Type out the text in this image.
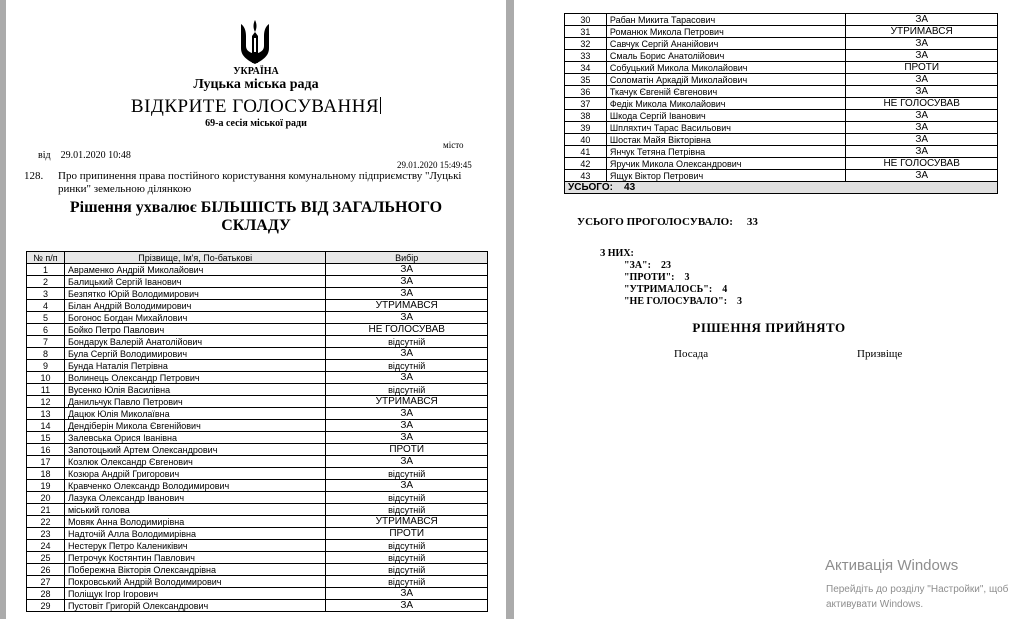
УКРАЇНА
Луцька міська рада
ВІДКРИТЕ ГОЛОСУВАННЯ
69-а сесія міської ради
місто
від 29.01.2020 10:48
29.01.2020 15:49:45
128. Про припинення права постійного користування комунальному підприємству "Луцькі ринки" земельною ділянкою
Рішення ухвалює БІЛЬШІСТЬ ВІД ЗАГАЛЬНОГО СКЛАДУ
№ п/п	Прізвище, Ім'я, По-батькові	Вибір
1	Авраменко Андрій Миколайович	ЗА
2	Балицький Сергій Іванович	ЗА
3	Безпятко Юрій Володимирович	ЗА
4	Білан Андрій Володимирович	УТРИМАВСЯ
5	Богонос Богдан Михайлович	ЗА
6	Бойко Петро Павлович	НЕ ГОЛОСУВАВ
7	Бондарук Валерій Анатолійович	відсутній
8	Була Сергій Володимирович	ЗА
9	Бунда Наталія Петрівна	відсутній
10	Волинець Олександр Петрович	ЗА
11	Вусенко Юлія Василівна	відсутній
12	Данильчук Павло Петрович	УТРИМАВСЯ
13	Дацюк Юлія Миколаївна	ЗА
14	Дендіберін Микола Євгенійович	ЗА
15	Залевська Орися Іванівна	ЗА
16	Запотоцький Артем Олександрович	ПРОТИ
17	Козлюк Олександр Євгенович	ЗА
18	Козюра Андрій Григорович	відсутній
19	Кравченко Олександр Володимирович	ЗА
20	Лазука Олександр Іванович	відсутній
21	міський голова	відсутній
22	Мовяк Анна Володимирівна	УТРИМАВСЯ
23	Надточій Алла Володимирівна	ПРОТИ
24	Нестерук Петро Калениківич	відсутній
25	Петрочук Костянтин Павлович	відсутній
26	Побережна Вікторія Олександрівна	відсутній
27	Покровський Андрій Володимирович	відсутній
28	Поліщук Ігор Ігорович	ЗА
29	Пустовіт Григорій Олександрович	ЗА
30	Рабан Микита Тарасович	ЗА
31	Романюк Микола Петрович	УТРИМАВСЯ
32	Савчук Сергій Ананійович	ЗА
33	Смаль Борис Анатолійович	ЗА
34	Собуцький Микола Миколайович	ПРОТИ
35	Соломатін Аркадій Миколайович	ЗА
36	Ткачук Євгеній Євгенович	ЗА
37	Федік Микола Миколайович	НЕ ГОЛОСУВАВ
38	Шкода Сергій Іванович	ЗА
39	Шпляхтич Тарас Васильович	ЗА
40	Шостак Майя Вікторівна	ЗА
41	Янчук Тетяна Петрівна	ЗА
42	Яручик Микола Олександрович	НЕ ГОЛОСУВАВ
43	Ящук Віктор Петрович	ЗА
УСЬОГО: 43		
УСЬОГО ПРОГОЛОСУВАЛО: 33
З НИХ:
"ЗА": 23
"ПРОТИ": 3
"УТРИМАЛОСЬ": 4
"НЕ ГОЛОСУВАЛО": 3
РІШЕННЯ ПРИЙНЯТО
Посада	Призвіще
Активація Windows
Перейдіть до розділу "Настройки", щоб активувати Windows.
